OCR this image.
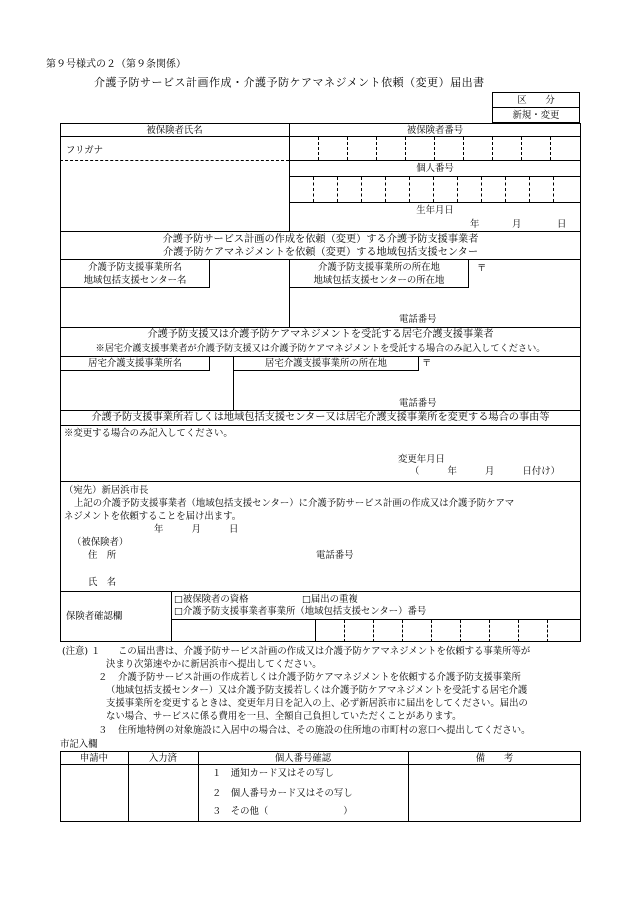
第９号様式の２（第９条関係）
介護予防サービス計画作成・介護予防ケアマネジメント依頼（変更）届出書
区　　分
新規・変更
被保険者氏名	被保険者番号
フリガナ
個人番号
生年月日
年	月	日
介護予防サービス計画の作成を依頼（変更）する介護予防支援事業者
介護予防ケアマネジメントを依頼（変更）する地域包括支援センター
介護予防支援事業所名
地域包括支援センター名
介護予防支援事業所の所在地
地域包括支援センターの所在地
〒
電話番号
介護予防支援又は介護予防ケアマネジメントを受託する居宅介護支援事業者
※居宅介護支援事業者が介護予防支援又は介護予防ケアマネジメントを受託する場合のみ記入してください。
居宅介護支援事業所名	居宅介護支援事業所の所在地	〒
電話番号
介護予防支援事業所若しくは地域包括支援センター又は居宅介護支援事業所を変更する場合の事由等
※変更する場合のみ記入してください。
変更年月日
（　　　年　　　月　　　日付け）
（宛先）新居浜市長
上記の介護予防支援事業者（地域包括支援センター）に介護予防サービス計画の作成又は介護予防ケアマ
ネジメントを依頼することを届け出ます。
年　　　月　　　日
（被保険者）
住　所	電話番号
氏　名
保険者確認欄
□被保険者の資格	□届出の重複
□介護予防支援事業者事業所（地域包括支援センター）番号
(注意) １ この届出書は、介護予防サービス計画の作成又は介護予防ケアマネジメントを依頼する事業所等が
決まり次第速やかに新居浜市へ提出してください。
２ 介護予防サービス計画の作成若しくは介護予防ケアマネジメントを依頼する介護予防支援事業所
（地域包括支援センター）又は介護予防支援若しくは介護予防ケアマネジメントを受託する居宅介護
支援事業所を変更するときは、変更年月日を記入の上、必ず新居浜市に届出をしてください。届出の
ない場合、サービスに係る費用を一旦、全額自己負担していただくことがあります。
３ 住所地特例の対象施設に入居中の場合は、その施設の住所地の市町村の窓口へ提出してください。
市記入欄
申請中	入力済	個人番号確認	備　　考
１　通知カード又はその写し
２　個人番号カード又はその写し
３　その他（　　　　　　　　）
